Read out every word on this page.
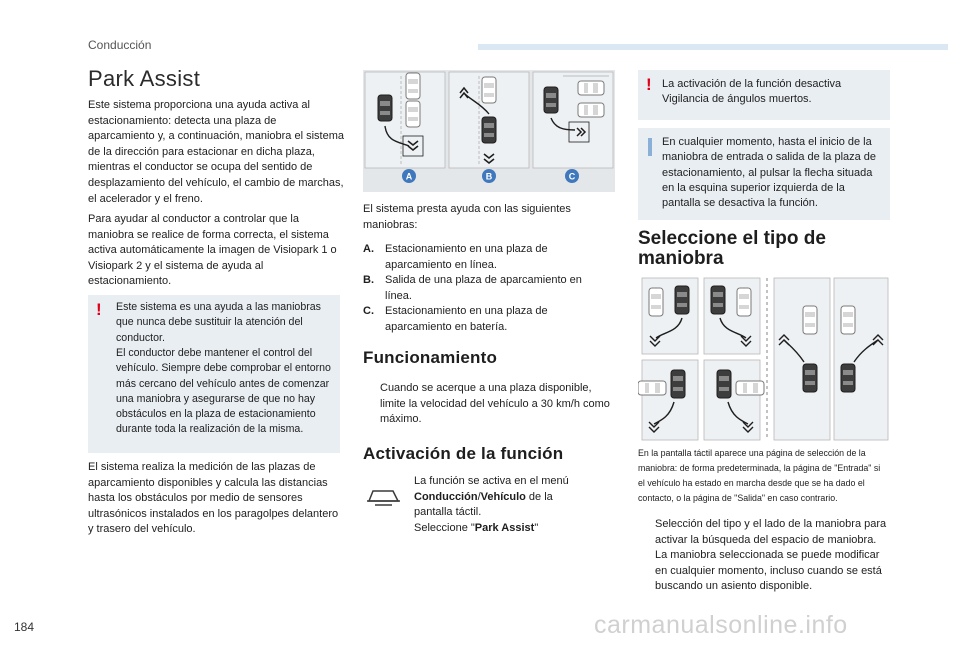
Conducción
Park Assist
Este sistema proporciona una ayuda activa al estacionamiento: detecta una plaza de aparcamiento y, a continuación, maniobra el sistema de la dirección para estacionar en dicha plaza, mientras el conductor se ocupa del sentido de desplazamiento del vehículo, el cambio de marchas, el acelerador y el freno.
Para ayudar al conductor a controlar que la maniobra se realice de forma correcta, el sistema activa automáticamente la imagen de Visiopark 1 o Visiopark 2 y el sistema de ayuda al estacionamiento.
! Este sistema es una ayuda a las maniobras que nunca debe sustituir la atención del conductor.
El conductor debe mantener el control del vehículo. Siempre debe comprobar el entorno más cercano del vehículo antes de comenzar una maniobra y asegurarse de que no hay obstáculos en la plaza de estacionamiento durante toda la realización de la misma.
El sistema realiza la medición de las plazas de aparcamiento disponibles y calcula las distancias hasta los obstáculos por medio de sensores ultrasónicos instalados en los paragolpes delantero y trasero del vehículo.
A	B	C
El sistema presta ayuda con las siguientes maniobras:
A. Estacionamiento en una plaza de aparcamiento en línea.
B. Salida de una plaza de aparcamiento en línea.
C. Estacionamiento en una plaza de aparcamiento en batería.
Funcionamiento
Cuando se acerque a una plaza disponible, limite la velocidad del vehículo a 30 km/h como máximo.
Activación de la función
La función se activa en el menú
Conducción/Vehículo de la
pantalla táctil.
Seleccione "Park Assist"
! La activación de la función desactiva Vigilancia de ángulos muertos.
En cualquier momento, hasta el inicio de la maniobra de entrada o salida de la plaza de estacionamiento, al pulsar la flecha situada en la esquina superior izquierda de la pantalla se desactiva la función.
Seleccione el tipo de
maniobra
En la pantalla táctil aparece una página de selección de la maniobra: de forma predeterminada, la página de "Entrada" si el vehículo ha estado en marcha desde que se ha dado el contacto, o la página de "Salida" en caso contrario.
Selección del tipo y el lado de la maniobra para activar la búsqueda del espacio de maniobra. La maniobra seleccionada se puede modificar en cualquier momento, incluso cuando se está buscando un asiento disponible.
184	carmanualsonline.info
